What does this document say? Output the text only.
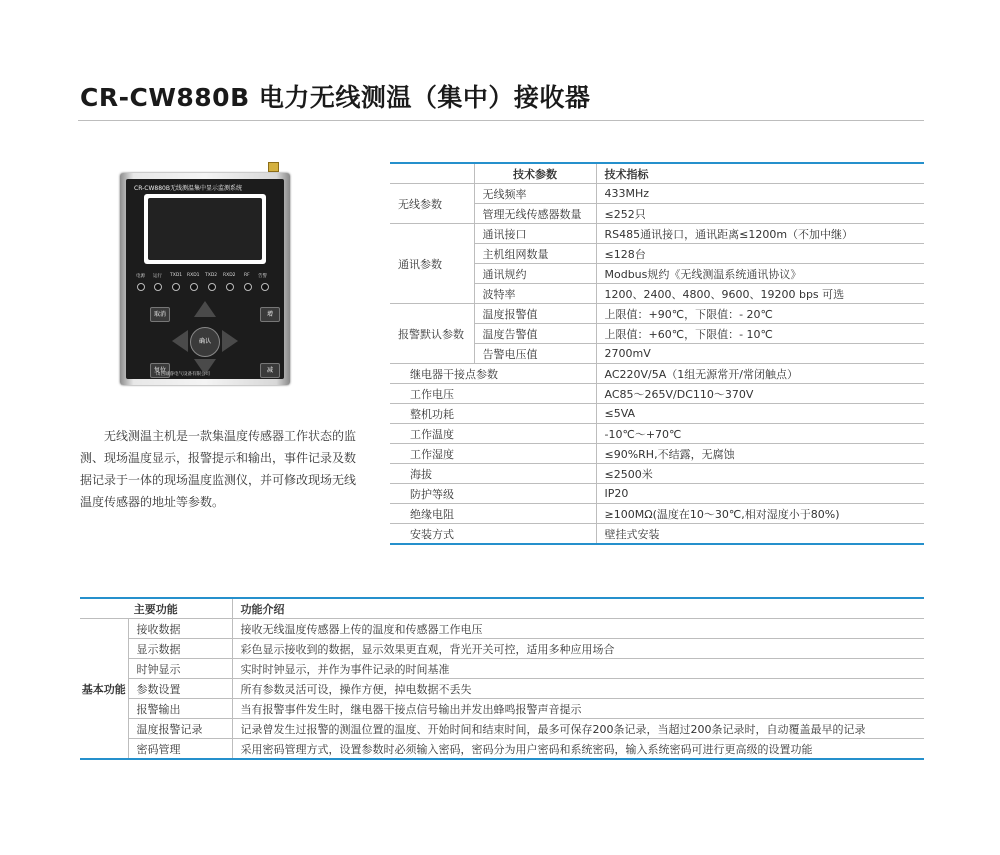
CR-CW880B 电力无线测温（集中）接收器
CR-CW880B无线测温集中显示监测系统
电源 运行 TXD1 RXD1 TXD2 RXD2 RF 告警
取消	增
复位	减
确认
山西诚睿电气设备有限公司
无线测温主机是一款集温度传感器工作状态的监测、现场温度显示，报警提示和输出，事件记录及数据记录于一体的现场温度监测仪，并可修改现场无线温度传感器的地址等参数。
	技术参数	技术指标
无线参数	无线频率	433MHz
	管理无线传感器数量	≤252只
通讯参数	通讯接口	RS485通讯接口，通讯距离≤1200m（不加中继）
	主机组网数量	≤128台
	通讯规约	Modbus规约《无线测温系统通讯协议》
	波特率	1200、2400、4800、9600、19200 bps 可选
报警默认参数	温度报警值	上限值：+90℃，下限值：- 20℃
	温度告警值	上限值：+60℃，下限值：- 10℃
	告警电压值	2700mV
继电器干接点参数		AC220V/5A（1组无源常开/常闭触点）
工作电压		AC85～265V/DC110～370V
整机功耗		≤5VA
工作温度		-10℃～+70℃
工作湿度		≤90%RH,不结露，无腐蚀
海拔		≤2500米
防护等级		IP20
绝缘电阻		≥100MΩ(温度在10～30℃,相对湿度小于80%)
安装方式		壁挂式安装
主要功能		功能介绍
基本功能	接收数据	接收无线温度传感器上传的温度和传感器工作电压
	显示数据	彩色显示接收到的数据，显示效果更直观，背光开关可控，适用多种应用场合
	时钟显示	实时时钟显示，并作为事件记录的时间基准
	参数设置	所有参数灵活可设，操作方便，掉电数据不丢失
	报警输出	当有报警事件发生时，继电器干接点信号输出并发出蜂鸣报警声音提示
	温度报警记录	记录曾发生过报警的测温位置的温度、开始时间和结束时间，最多可保存200条记录，当超过200条记录时，自动覆盖最早的记录
	密码管理	采用密码管理方式，设置参数时必须输入密码，密码分为用户密码和系统密码，输入系统密码可进行更高级的设置功能
